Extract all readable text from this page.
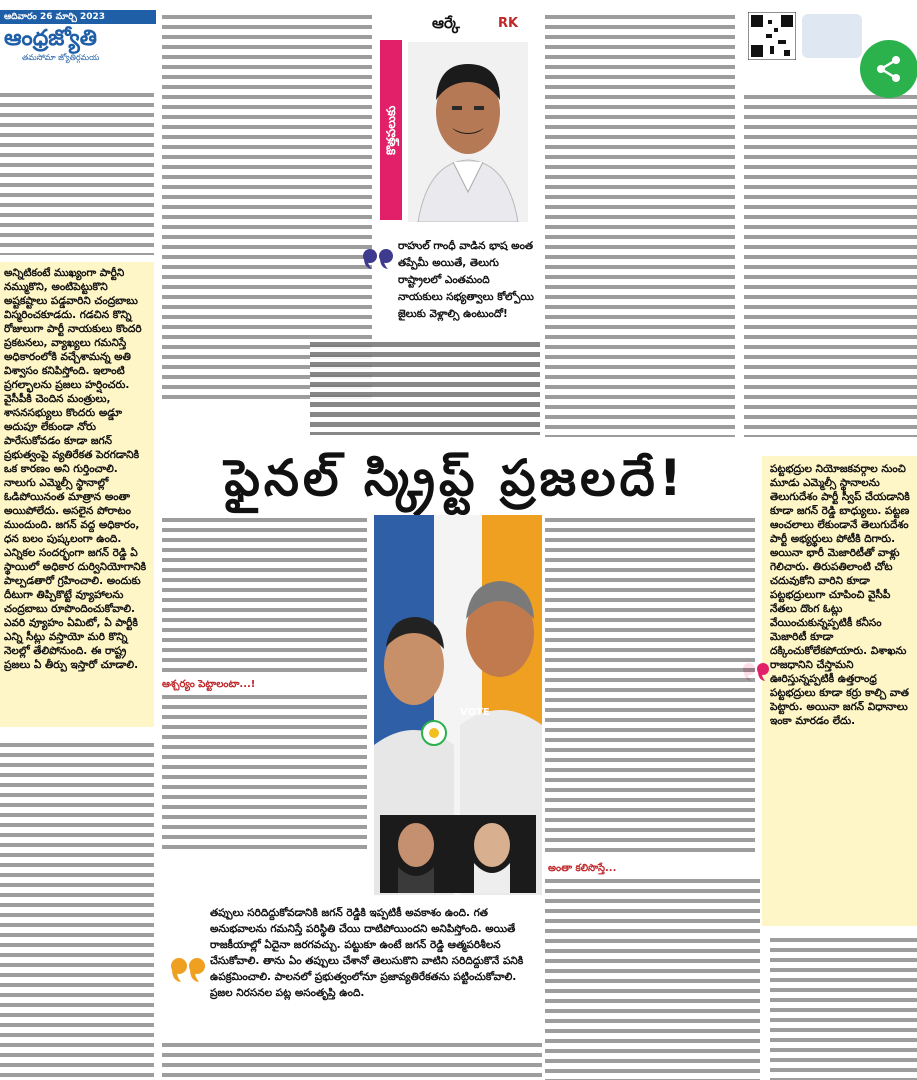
ఆదివారం 26 మార్చి 2023
ఆంధ్రజ్యోతి
తమసోమా జ్యోతిర్గమయ
అన్నిటికంటే ముఖ్యంగా పార్టీని నమ్ముకొని, అంటిపెట్టుకొని అష్టకష్టాలు పడ్డవారిని చంద్రబాబు విస్మరించకూడదు. గడచిన కొన్ని రోజులుగా పార్టీ నాయకులు కొందరి ప్రకటనలు, వ్యాఖ్యలు గమనిస్తే అధికారంలోకి వచ్చేశామన్న అతి విశ్వాసం కనిపిస్తోంది. ఇలాంటి ప్రగల్భాలను ప్రజలు హర్షించరు. వైసీపీకి చెందిన మంత్రులు, శాసనసభ్యులు కొందరు అడ్డూ అదుపూ లేకుండా నోరు పారేసుకోవడం కూడా జగన్ ప్రభుత్వంపై వ్యతిరేకత పెరగడానికి ఒక కారణం అని గుర్తించాలి. నాలుగు ఎమ్మెల్సీ స్థానాల్లో ఓడిపోయినంత మాత్రాన అంతా అయిపోలేదు. అసలైన పోరాటం ముందుంది. జగన్ వద్ద అధికారం, ధన బలం పుష్కలంగా ఉంది. ఎన్నికల సందర్భంగా జగన్ రెడ్డి ఏ స్థాయిలో అధికార దుర్వినియోగానికి పాల్పడతారో గ్రహించాలి. అందుకు దీటుగా తిప్పికొట్టే వ్యూహాలను చంద్రబాబు రూపొందించుకోవాలి. ఎవరి వ్యూహం ఏమిటో, ఏ పార్టీకి ఎన్ని సీట్లు వస్తాయో మరి కొన్ని నెలల్లో తేలిపోనుంది. ఈ రాష్ట్ర ప్రజలు ఏ తీర్పు ఇస్తారో చూడాలి.
కొత్తపలుకు
ఆర్కే	RK
రాహుల్ గాంధీ వాడిన భాష అంత తప్పేమీ అయితే, తెలుగు రాష్ట్రాలలో ఎంతమంది నాయకులు సభ్యత్వాలు కోల్పోయి జైలుకు వెళ్లాల్సి ఉంటుందో!
ఫైనల్ స్క్రిప్ట్ ప్రజలదే!	పట్టభద్రుల నియోజకవర్గాల నుంచి మూడు ఎమ్మెల్సీ స్థానాలను తెలుగుదేశం పార్టీ స్వీప్ చేయడానికి కూడా జగన్ రెడ్డి బాధ్యులు. పట్టణ ఆంచలాలు లేకుండానే తెలుగుదేశం పార్టీ అభ్యర్థులు పోటీకి దిగారు. అయినా భారీ మెజారిటీతో వాళ్లు గెలిచారు. తిరుపతిలాంటి చోట చదువుకోని వారిని కూడా పట్టభద్రులుగా చూపించి వైసీపీ నేతలు దొంగ ఓట్లు వేయించుకున్నప్పటికీ కనీసం మెజారిటీ కూడా దక్కించుకోలేకపోయారు. విశాఖను రాజధానిని చేస్తామని ఊరిస్తున్నప్పటికీ ఉత్తరాంధ్ర పట్టభద్రులు కూడా కర్రు కాల్చి వాత పెట్టారు. అయినా జగన్ విధానాలు ఇంకా మారడం లేదు.
ఆశ్చర్యం పెట్టాలంటా...!
VOTE
తప్పులు సరిదిద్దుకోవడానికి జగన్ రెడ్డికి ఇప్పటికీ అవకాశం ఉంది. గత అనుభవాలను గమనిస్తే పరిస్థితి చేయి దాటిపోయిందని అనిపిస్తోంది. అయితే రాజకీయాల్లో ఏదైనా జరగవచ్చు. పట్టుకూ ఉంటే జగన్ రెడ్డి ఆత్మపరిశీలన చేసుకోవాలి. తాను ఏం తప్పులు చేశానో తెలుసుకొని వాటిని సరిదిద్దుకొనే పనికి ఉపక్రమించాలి. పాలనలో ప్రభుత్వంలోనూ ప్రజావ్యతిరేకతను పట్టించుకోవాలి. ప్రజల నిరసనల పట్ల అసంతృప్తి ఉంది.
అంతా కలిసొస్తే...
